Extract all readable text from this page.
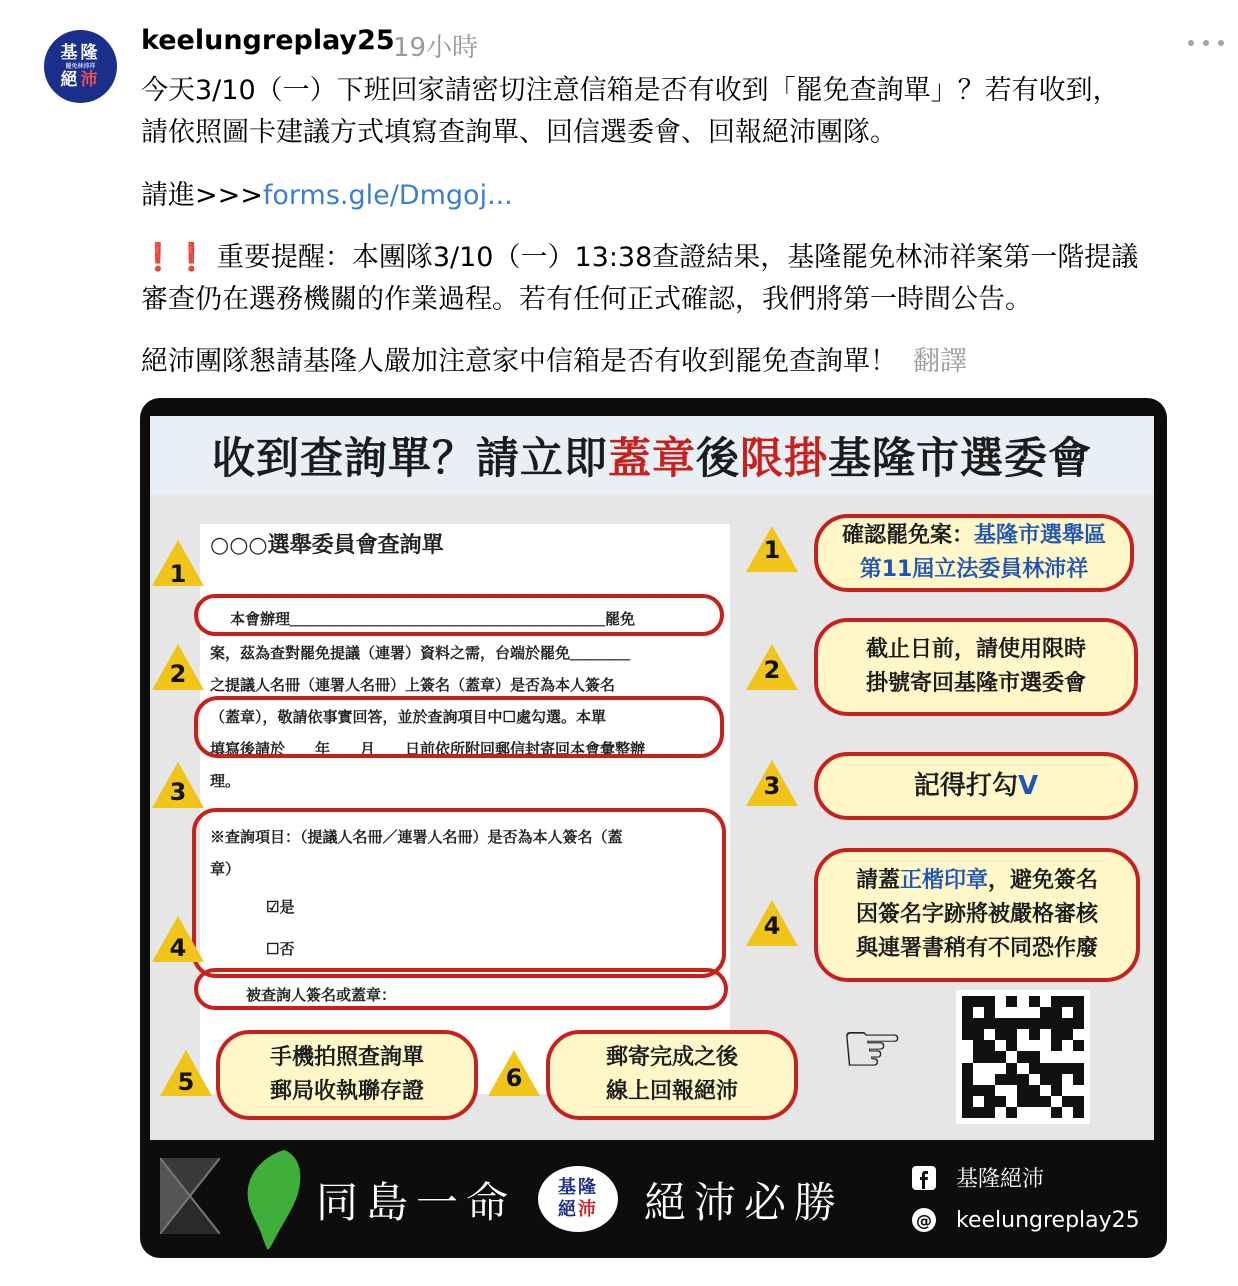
基隆
罷免林沛祥
絕沛
keelungreplay25
19小時
今天3/10（一）下班回家請密切注意信箱是否有收到「罷免查詢單」？若有收到，
請依照圖卡建議方式填寫查詢單、回信選委會、回報絕沛團隊。
請進>>>forms.gle/Dmgoj...
❗❗ 重要提醒：本團隊3/10（一）13:38查證結果，基隆罷免林沛祥案第一階提議
審查仍在選務機關的作業過程。若有任何正式確認，我們將第一時間公告。
絕沛團隊懇請基隆人嚴加注意家中信箱是否有收到罷免查詢單！ 翻譯
收到查詢單？請立即 蓋章 後 限掛 基隆市選委會
○○○選舉委員會查詢單
本會辦理＿＿＿＿＿＿＿＿＿＿＿＿＿＿＿＿＿＿＿＿＿罷免
案，茲為查對罷免提議（連署）資料之需，台端於罷免＿＿＿＿
之提議人名冊（連署人名冊）上簽名（蓋章）是否為本人簽名
（蓋章），敬請依事實回答，並於查詢項目中☐處勾選。本單
填寫後請於　　年　　月　　日前依所附回郵信封寄回本會彙整辦
理。
※查詢項目：（提議人名冊／連署人名冊）是否為本人簽名（蓋
章）
☑是
☐否
被查詢人簽名或蓋章：
1
2
3
4
5	6
1
2
3
4
確認罷免案：基隆市選舉區
第11屆立法委員林沛祥
截止日前，請使用限時
掛號寄回基隆市選委會
記得打勾V
請蓋正楷印章，避免簽名
因簽名字跡將被嚴格審核
與連署書稍有不同恐作廢
手機拍照查詢單
郵局收執聯存證
郵寄完成之後
線上回報絕沛
☞
同島一命 基隆
絕沛 絕沛必勝	基隆絕沛
@ keelungreplay25
